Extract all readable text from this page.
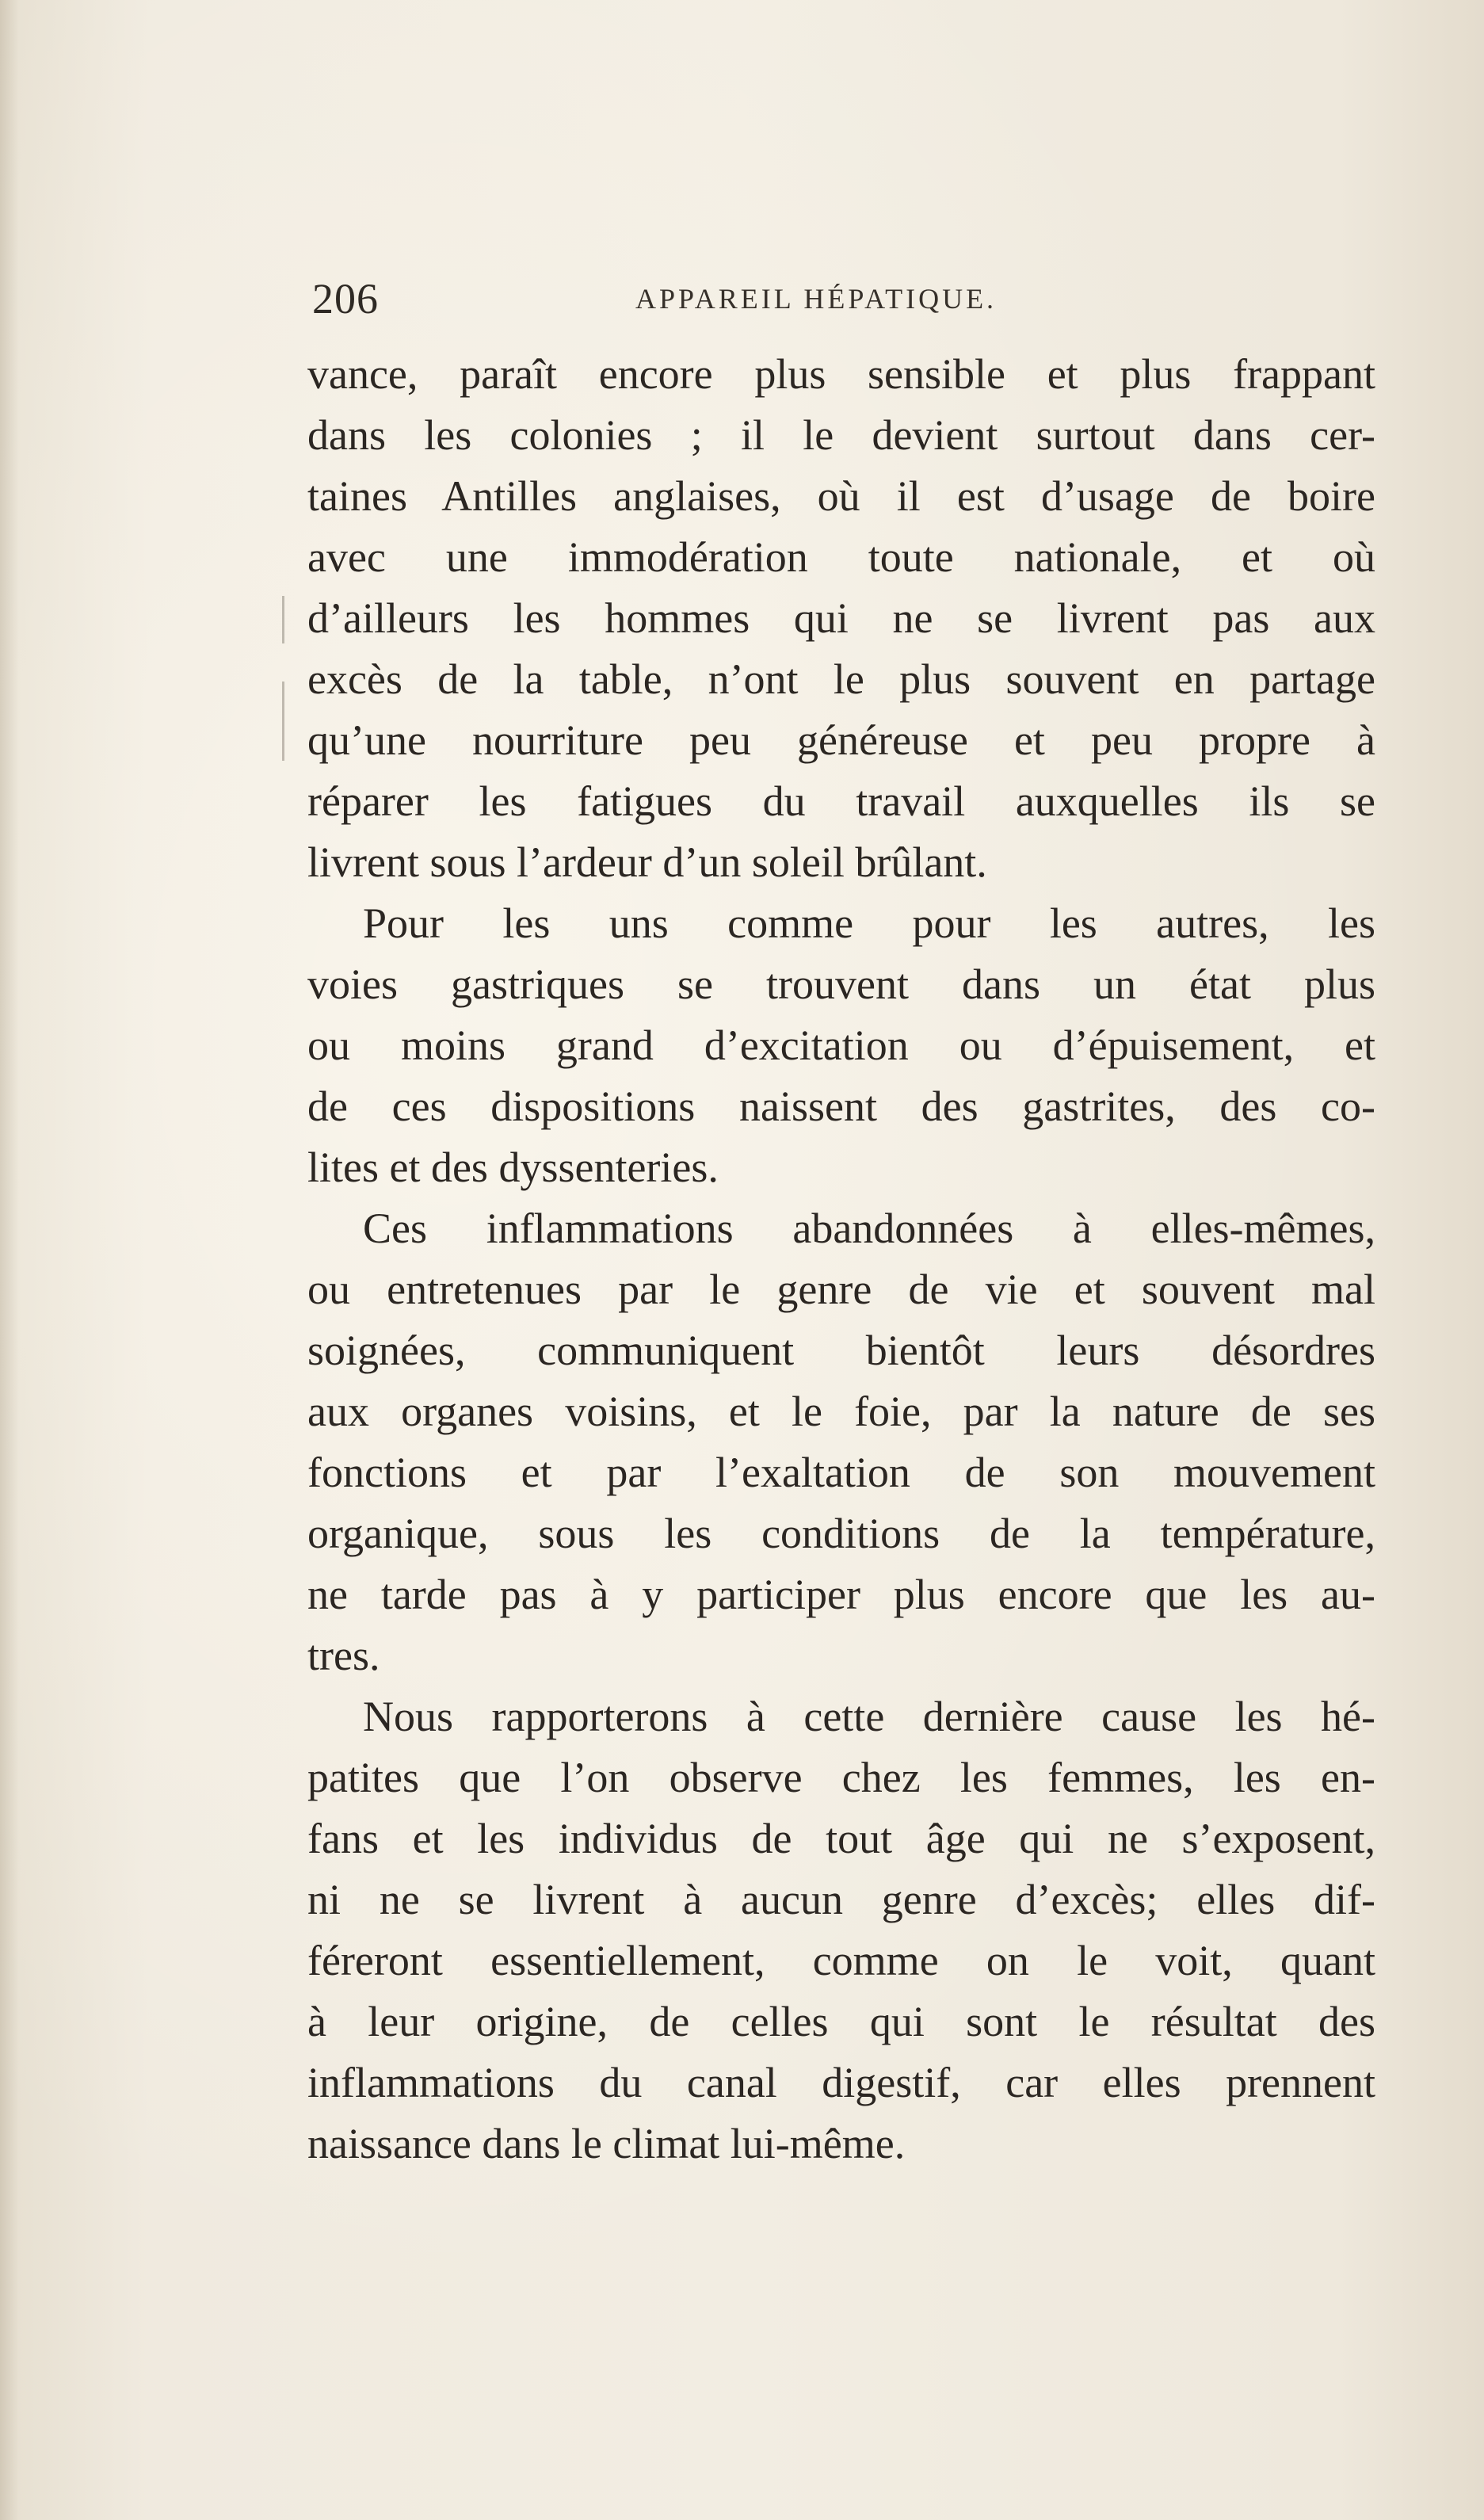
206	APPAREIL HÉPATIQUE.
vance, paraît encore plus sensible et plus frappant
dans les colonies ; il le devient surtout dans cer-
taines Antilles anglaises, où il est d’usage de boire
avec une immodération toute nationale, et où
d’ailleurs les hommes qui ne se livrent pas aux
excès de la table, n’ont le plus souvent en partage
qu’une nourriture peu généreuse et peu propre à
réparer les fatigues du travail auxquelles ils se
livrent sous l’ardeur d’un soleil brûlant.
Pour les uns comme pour les autres, les
voies gastriques se trouvent dans un état plus
ou moins grand d’excitation ou d’épuisement, et
de ces dispositions naissent des gastrites, des co-
lites et des dyssenteries.
Ces inflammations abandonnées à elles-mêmes,
ou entretenues par le genre de vie et souvent mal
soignées, communiquent bientôt leurs désordres
aux organes voisins, et le foie, par la nature de ses
fonctions et par l’exaltation de son mouvement
organique, sous les conditions de la température,
ne tarde pas à y participer plus encore que les au-
tres.
Nous rapporterons à cette dernière cause les hé-
patites que l’on observe chez les femmes, les en-
fans et les individus de tout âge qui ne s’exposent,
ni ne se livrent à aucun genre d’excès; elles dif-
féreront essentiellement, comme on le voit, quant
à leur origine, de celles qui sont le résultat des
inflammations du canal digestif, car elles prennent
naissance dans le climat lui-même.
